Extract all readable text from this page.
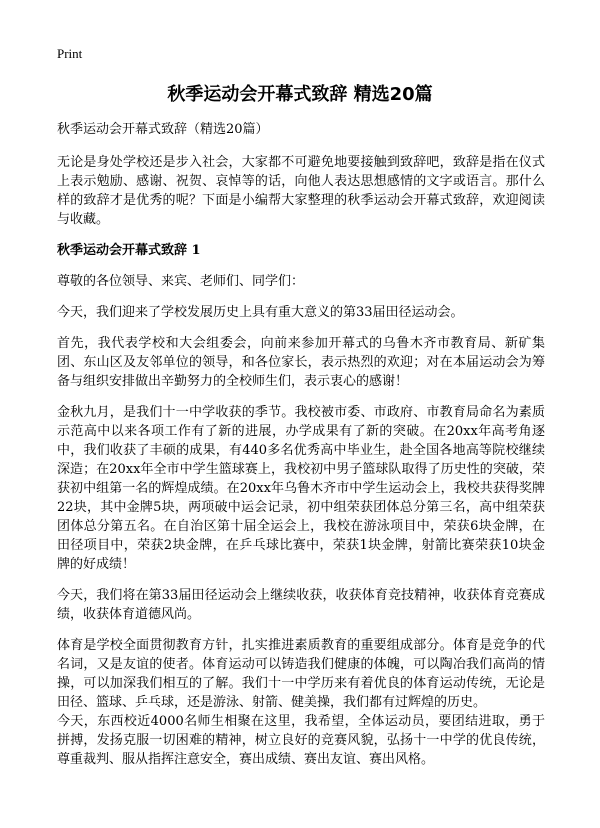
Print
秋季运动会开幕式致辞 精选20篇

秋季运动会开幕式致辞（精选20篇）

无论是身处学校还是步入社会，大家都不可避免地要接触到致辞吧，致辞是指在仪式上表示勉励、感谢、祝贺、哀悼等的话，向他人表达思想感情的文字或语言。那什么样的致辞才是优秀的呢？下面是小编帮大家整理的秋季运动会开幕式致辞，欢迎阅读与收藏。

秋季运动会开幕式致辞 1

尊敬的各位领导、来宾、老师们、同学们：

今天，我们迎来了学校发展历史上具有重大意义的第33届田径运动会。

首先，我代表学校和大会组委会，向前来参加开幕式的乌鲁木齐市教育局、新矿集团、东山区及友邻单位的领导，和各位家长，表示热烈的欢迎；对在本届运动会为筹备与组织安排做出辛勤努力的全校师生们，表示衷心的感谢！

金秋九月，是我们十一中学收获的季节。我校被市委、市政府、市教育局命名为素质示范高中以来各项工作有了新的进展，办学成果有了新的突破。在20xx年高考角逐中，我们收获了丰硕的成果，有440多名优秀高中毕业生，赴全国各地高等院校继续深造；在20xx年全市中学生篮球赛上，我校初中男子篮球队取得了历史性的突破，荣获初中组第一名的辉煌成绩。在20xx年乌鲁木齐市中学生运动会上，我校共获得奖牌22块，其中金牌5块，两项破中运会记录，初中组荣获团体总分第三名，高中组荣获团体总分第五名。在自治区第十届全运会上，我校在游泳项目中，荣获6块金牌，在田径项目中，荣获2块金牌，在乒乓球比赛中，荣获1块金牌，射箭比赛荣获10块金牌的好成绩！

今天，我们将在第33届田径运动会上继续收获，收获体育竞技精神，收获体育竞赛成绩，收获体育道德风尚。

体育是学校全面贯彻教育方针，扎实推进素质教育的重要组成部分。体育是竞争的代名词，又是友谊的使者。体育运动可以铸造我们健康的体魄，可以陶冶我们高尚的情操，可以加深我们相互的了解。我们十一中学历来有着优良的体育运动传统，无论是田径、篮球、乒乓球，还是游泳、射箭、健美操，我们都有过辉煌的历史。

今天，东西校近4000名师生相聚在这里，我希望，全体运动员，要团结进取，勇于拼搏，发扬克服一切困难的精神，树立良好的竞赛风貌，弘扬十一中学的优良传统，尊重裁判、服从指挥注意安全，赛出成绩、赛出友谊、赛出风格。
